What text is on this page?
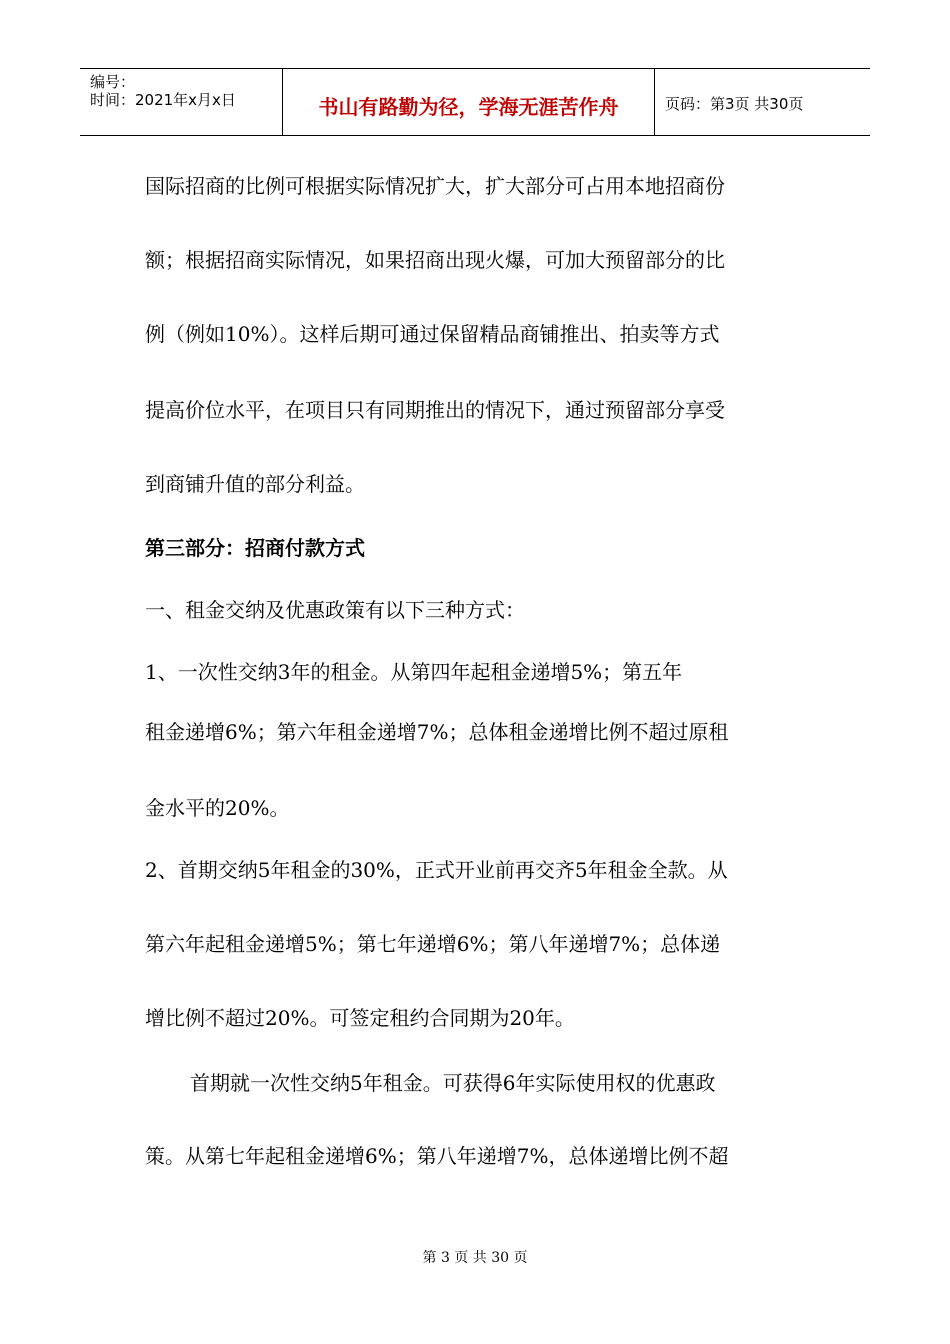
编号：
时间：2021年x月x日	书山有路勤为径，学海无涯苦作舟	页码：第3页 共30页
国际招商的比例可根据实际情况扩大，扩大部分可占用本地招商份
额；根据招商实际情况，如果招商出现火爆，可加大预留部分的比
例（例如10%）。这样后期可通过保留精品商铺推出、拍卖等方式
提高价位水平，在项目只有同期推出的情况下，通过预留部分享受
到商铺升值的部分利益。
第三部分：招商付款方式
一、租金交纳及优惠政策有以下三种方式：
1、一次性交纳3年的租金。从第四年起租金递增5%；第五年
租金递增6%；第六年租金递增7%；总体租金递增比例不超过原租
金水平的20%。
2、首期交纳5年租金的30%，正式开业前再交齐5年租金全款。从
第六年起租金递增5%；第七年递增6%；第八年递增7%；总体递
增比例不超过20%。可签定租约合同期为20年。
首期就一次性交纳5年租金。可获得6年实际使用权的优惠政
策。从第七年起租金递增6%；第八年递增7%，总体递增比例不超
第 3 页 共 30 页
